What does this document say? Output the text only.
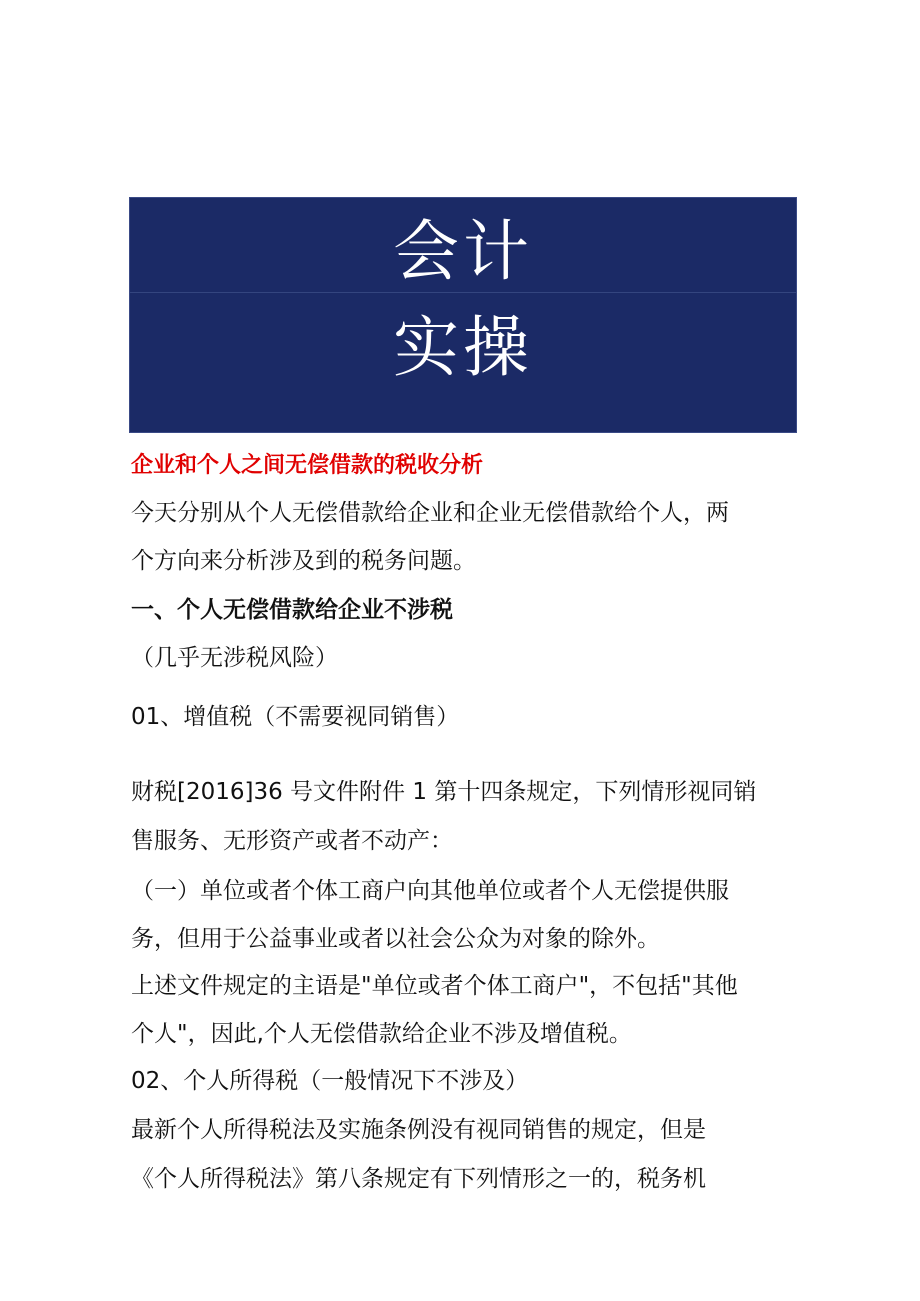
会计
实操
企业和个人之间无偿借款的税收分析
今天分别从个人无偿借款给企业和企业无偿借款给个人，两
个方向来分析涉及到的税务问题。
一、个人无偿借款给企业不涉税
（几乎无涉税风险）
01、增值税（不需要视同销售）
财税[2016]36 号文件附件 1 第十四条规定，下列情形视同销
售服务、无形资产或者不动产：
（一）单位或者个体工商户向其他单位或者个人无偿提供服
务，但用于公益事业或者以社会公众为对象的除外。
上述文件规定的主语是"单位或者个体工商户"，不包括"其他
个人"，因此,个人无偿借款给企业不涉及增值税。
02、个人所得税（一般情况下不涉及）
最新个人所得税法及实施条例没有视同销售的规定，但是
《个人所得税法》第八条规定有下列情形之一的，税务机
